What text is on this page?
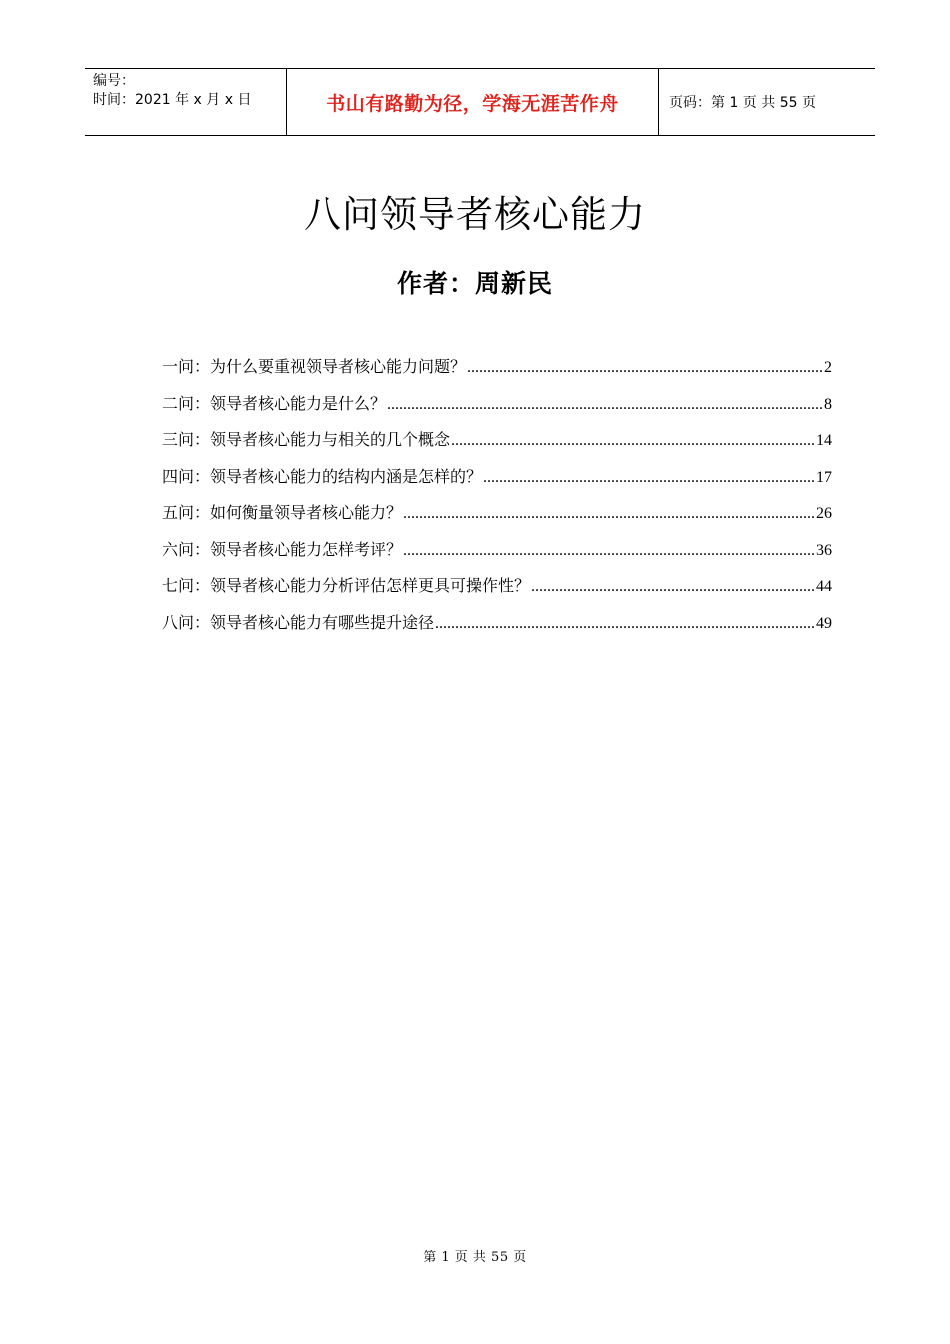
编号：
时间：2021 年 x 月 x 日	书山有路勤为径，学海无涯苦作舟	页码：第 1 页 共 55 页
八问领导者核心能力
作者：周新民
一问：为什么要重视领导者核心能力问题？ .....	2
二问：领导者核心能力是什么？ .....	8
三问：领导者核心能力与相关的几个概念 .....	14
四问：领导者核心能力的结构内涵是怎样的？ .....	17
五问：如何衡量领导者核心能力？ .....	26
六问：领导者核心能力怎样考评？ .....	36
七问：领导者核心能力分析评估怎样更具可操作性？ .....	44
八问：领导者核心能力有哪些提升途径 .....	49
第 1 页 共 55 页
